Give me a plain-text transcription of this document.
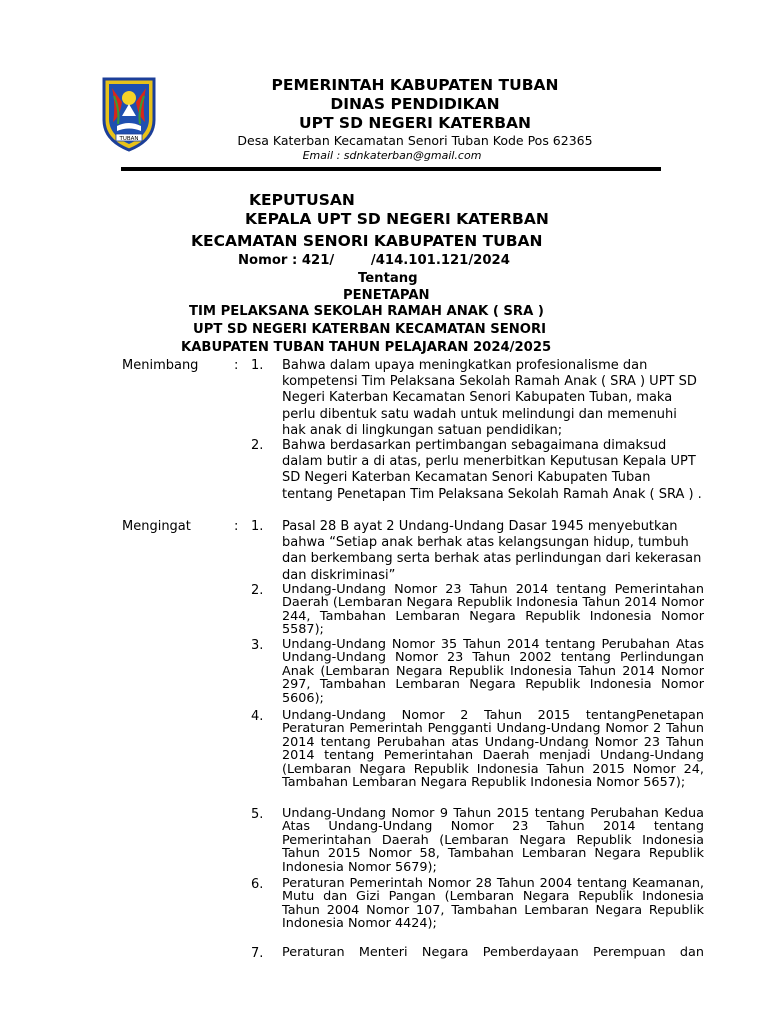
TUBAN
PEMERINTAH KABUPATEN TUBAN
DINAS PENDIDIKAN
UPT SD NEGERI KATERBAN
Desa Katerban Kecamatan Senori Tuban Kode Pos 62365
Email : sdnkaterban@gmail.com
KEPUTUSAN
KEPALA UPT SD NEGERI KATERBAN
KECAMATAN SENORI KABUPATEN TUBAN
Nomor : 421/        /414.101.121/2024
Tentang
PENETAPAN
TIM PELAKSANA SEKOLAH RAMAH ANAK ( SRA )
UPT SD NEGERI KATERBAN KECAMATAN SENORI
KABUPATEN TUBAN TAHUN PELAJARAN 2024/2025
Menimbang	: 1. Bahwa dalam upaya meningkatkan profesionalisme dan kompetensi Tim Pelaksana Sekolah Ramah Anak ( SRA ) UPT SD Negeri Katerban Kecamatan Senori Kabupaten Tuban, maka perlu dibentuk satu wadah untuk melindungi dan memenuhi hak anak di lingkungan satuan pendidikan;
2. Bahwa berdasarkan pertimbangan sebagaimana dimaksud dalam butir a di atas, perlu menerbitkan Keputusan Kepala UPT SD Negeri Katerban Kecamatan Senori Kabupaten Tuban tentang Penetapan Tim Pelaksana Sekolah Ramah Anak ( SRA ) .
Mengingat	: 1. Pasal 28 B ayat 2 Undang-Undang Dasar 1945 menyebutkan bahwa “Setiap anak berhak atas kelangsungan hidup, tumbuh dan berkembang serta berhak atas perlindungan dari kekerasan dan diskriminasi”
2. Undang-Undang Nomor 23 Tahun 2014 tentang Pemerintahan Daerah (Lembaran Negara Republik Indonesia Tahun 2014 Nomor 244, Tambahan Lembaran Negara Republik Indonesia Nomor 5587);
3. Undang-Undang Nomor 35 Tahun 2014 tentang Perubahan Atas Undang-Undang Nomor 23 Tahun 2002 tentang Perlindungan Anak (Lembaran Negara Republik Indonesia Tahun 2014 Nomor 297, Tambahan Lembaran Negara Republik Indonesia Nomor 5606);
4. Undang-Undang Nomor 2 Tahun 2015 tentangPenetapan Peraturan Pemerintah Pengganti Undang-Undang Nomor 2 Tahun 2014 tentang Perubahan atas Undang-Undang Nomor 23 Tahun 2014 tentang Pemerintahan Daerah menjadi Undang-Undang (Lembaran Negara Republik Indonesia Tahun 2015 Nomor 24, Tambahan Lembaran Negara Republik Indonesia Nomor 5657);
5. Undang-Undang Nomor 9 Tahun 2015 tentang Perubahan Kedua Atas Undang-Undang Nomor 23 Tahun 2014 tentang Pemerintahan Daerah (Lembaran Negara Republik Indonesia Tahun 2015 Nomor 58, Tambahan Lembaran Negara Republik Indonesia Nomor 5679);
6. Peraturan Pemerintah Nomor 28 Tahun 2004 tentang Keamanan, Mutu dan Gizi Pangan (Lembaran Negara Republik Indonesia Tahun 2004 Nomor 107, Tambahan Lembaran Negara Republik Indonesia Nomor 4424);
7. Peraturan Menteri Negara Pemberdayaan Perempuan dan
